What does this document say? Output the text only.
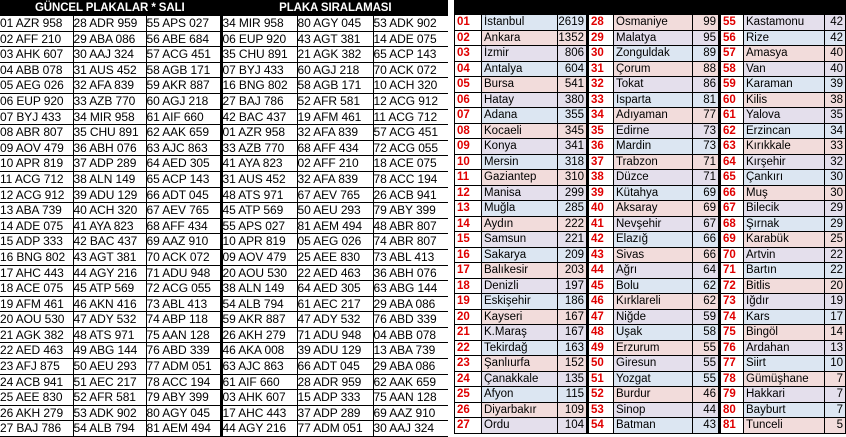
GÜNCEL PLAKALAR * SALI			PLAKA SIRALAMASI		
01 AZR 958	28 ADR 959	55 APS 027	34 MIR 958	80 AGY 045	53 ADK 902
02 AFF 210	29 ABA 086	56 ABE 684	06 EUP 920	43 AGT 381	14 ADE 075
03 AHK 607	30 AAJ 324	57 ACG 451	35 CHU 891	21 AGK 382	65 ACP 143
04 ABB 078	31 AUS 452	58 AGB 171	07 BYJ 433	60 AGJ 218	70 ACK 072
05 AEG 026	32 AFA 839	59 AKR 887	16 BNG 802	58 AGB 171	10 ACH 320
06 EUP 920	33 AZB 770	60 AGJ 218	27 BAJ 786	52 AFR 581	12 ACG 912
07 BYJ 433	34 MIR 958	61 AIF 660	42 BAC 437	19 AFM 461	11 ACG 712
08 ABR 807	35 CHU 891	62 AAK 659	01 AZR 958	32 AFA 839	57 ACG 451
09 AOV 479	36 ABH 076	63 AJC 863	33 AZB 770	68 AFF 434	72 ACG 055
10 APR 819	37 ADP 289	64 AED 305	41 AYA 823	02 AFF 210	18 ACE 075
11 ACG 712	38 ALN 149	65 ACP 143	31 AUS 452	32 AFA 839	78 ACC 194
12 ACG 912	39 ADU 129	66 ADT 045	48 ATS 971	67 AEV 765	26 ACB 941
13 ABA 739	40 ACH 320	67 AEV 765	45 ATP 569	50 AEU 293	79 ABY 399
14 ADE 075	41 AYA 823	68 AFF 434	55 APS 027	81 AEM 494	48 ABR 807
15 ADP 333	42 BAC 437	69 AAZ 910	10 APR 819	05 AEG 026	74 ABR 807
16 BNG 802	43 AGT 381	70 ACK 072	09 AOV 479	25 AEE 830	73 ABL 413
17 AHC 443	44 AGY 216	71 ADU 948	20 AOU 530	22 AED 463	36 ABH 076
18 ACE 075	45 ATP 569	72 ACG 055	38 ALN 149	64 AED 305	63 ABG 144
19 AFM 461	46 AKN 416	73 ABL 413	54 ALB 794	61 AEC 217	29 ABA 086
20 AOU 530	47 ADY 532	74 ABP 118	59 AKR 887	47 ADY 532	76 ABD 339
21 AGK 382	48 ATS 971	75 AAN 128	26 AKH 279	71 ADU 948	04 ABB 078
22 AED 463	49 ABG 144	76 ABD 339	46 AKA 008	39 ADU 129	13 ABA 739
23 AFJ 875	50 AEU 293	77 ADM 051	63 AJC 863	66 ADT 045	29 ABA 086
24 ACB 941	51 AEC 217	78 ACC 194	61 AIF 660	28 ADR 959	62 AAK 659
25 AEE 830	52 AFR 581	79 ABY 399	03 AHK 607	15 ADP 333	75 AAN 128
26 AKH 279	53 ADK 902	80 AGY 045	17 AHC 443	37 ADP 289	69 AAZ 910
27 BAJ 786	54 ALB 794	81 AEM 494	44 AGY 216	77 ADM 051	30 AAJ 324

01	İstanbul	2619	28	Osmaniye	99	55	Kastamonu	42
02	Ankara	1352	29	Malatya	95	56	Rize	42
03	İzmir	806	30	Zonguldak	89	57	Amasya	40
04	Antalya	604	31	Çorum	88	58	Van	40
05	Bursa	541	32	Tokat	86	59	Karaman	39
06	Hatay	380	33	Isparta	81	60	Kilis	38
07	Adana	355	34	Adıyaman	77	61	Yalova	35
08	Kocaeli	345	35	Edirne	73	62	Erzincan	34
09	Konya	341	36	Mardin	73	63	Kırıkkale	33
10	Mersin	318	37	Trabzon	71	64	Kırşehir	32
11	Gaziantep	310	38	Düzce	71	65	Çankırı	30
12	Manisa	299	39	Kütahya	69	66	Muş	30
13	Muğla	285	40	Aksaray	69	67	Bilecik	29
14	Aydın	222	41	Nevşehir	67	68	Şırnak	29
15	Samsun	221	42	Elazığ	66	69	Karabük	25
16	Sakarya	209	43	Sivas	66	70	Artvin	22
17	Balıkesir	203	44	Ağrı	64	71	Bartın	22
18	Denizli	197	45	Bolu	62	72	Bitlis	20
19	Eskişehir	186	46	Kırklareli	62	73	Iğdır	19
20	Kayseri	167	47	Niğde	59	74	Kars	17
21	K.Maraş	167	48	Uşak	58	75	Bingöl	14
22	Tekirdağ	163	49	Erzurum	55	76	Ardahan	13
23	Şanlıurfa	152	50	Giresun	55	77	Siirt	10
24	Çanakkale	135	51	Yozgat	55	78	Gümüşhane	7
25	Afyon	115	52	Burdur	46	79	Hakkari	7
26	Diyarbakır	109	53	Sinop	44	80	Bayburt	7
27	Ordu	104	54	Batman	43	81	Tunceli	5
